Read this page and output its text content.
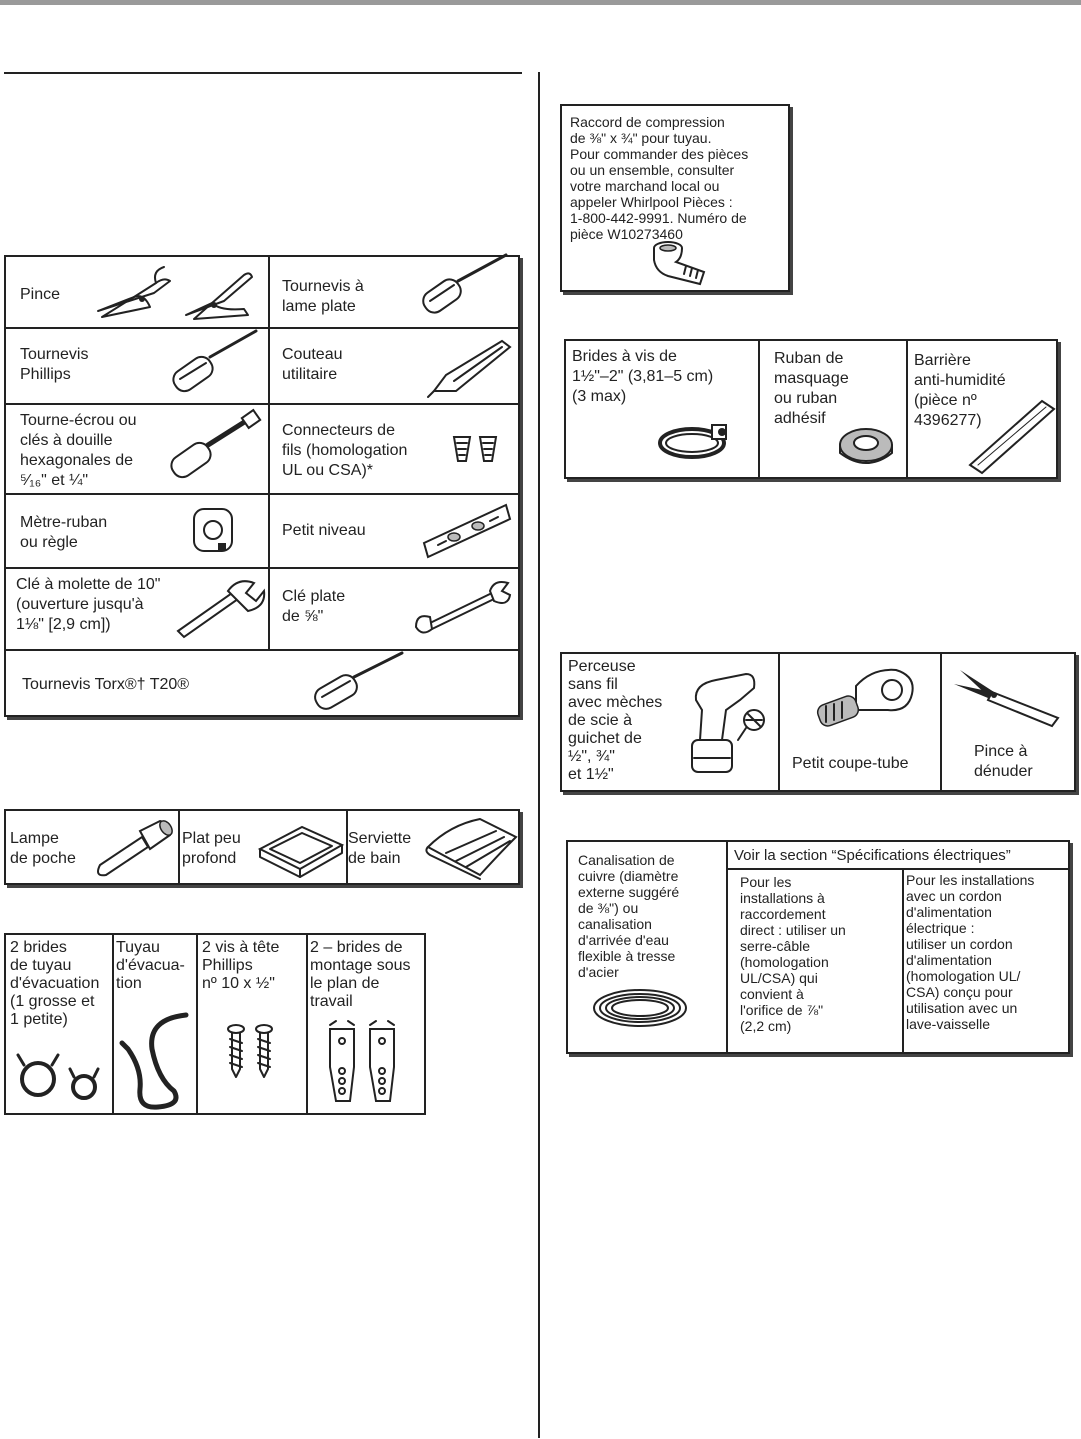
Pince	Tournevis à
lame plate
Tournevis
Phillips
Couteau
utilitaire
Tourne-écrou ou
clés à douille
hexagonales de
⁵⁄₁₆" et ¼"
Connecteurs de
fils (homologation
UL ou CSA)*
Mètre-ruban
ou règle
Petit niveau
Clé à molette de 10"
(ouverture jusqu'à
1⅛" [2,9 cm])
Clé plate
de ⅝"
Tournevis Torx®† T20®
Lampe
de poche
Plat peu
profond
Serviette
de bain
2 brides
de tuyau
d'évacuation
(1 grosse et
1 petite)
Tuyau
d'évacua-
tion
2 vis à tête
Phillips
nº 10 x ½"
2 – brides de
montage sous
le plan de
travail
Raccord de compression
de ⅜" x ¾" pour tuyau.
Pour commander des pièces
ou un ensemble, consulter
votre marchand local ou
appeler Whirlpool Pièces :
1-800-442-9991. Numéro de
pièce W10273460
Brides à vis de
1½"–2" (3,81–5 cm)
(3 max)
Ruban de
masquage
ou ruban
adhésif
Barrière
anti-humidité
(pièce nº
4396277)
Perceuse
sans fil
avec mèches
de scie à
guichet de
½", ¾"
et 1½"
Petit coupe-tube
Pince à
dénuder
Canalisation de
cuivre (diamètre
externe suggéré
de ⅜") ou
canalisation
d'arrivée d'eau
flexible à tresse
d'acier
Voir la section “Spécifications électriques”
Pour les
installations à
raccordement
direct : utiliser un
serre-câble
(homologation
UL/CSA) qui
convient à
l'orifice de ⅞"
(2,2 cm)
Pour les installations
avec un cordon
d'alimentation
électrique :
utiliser un cordon
d'alimentation
(homologation UL/
CSA) conçu pour
utilisation avec un
lave-vaisselle
